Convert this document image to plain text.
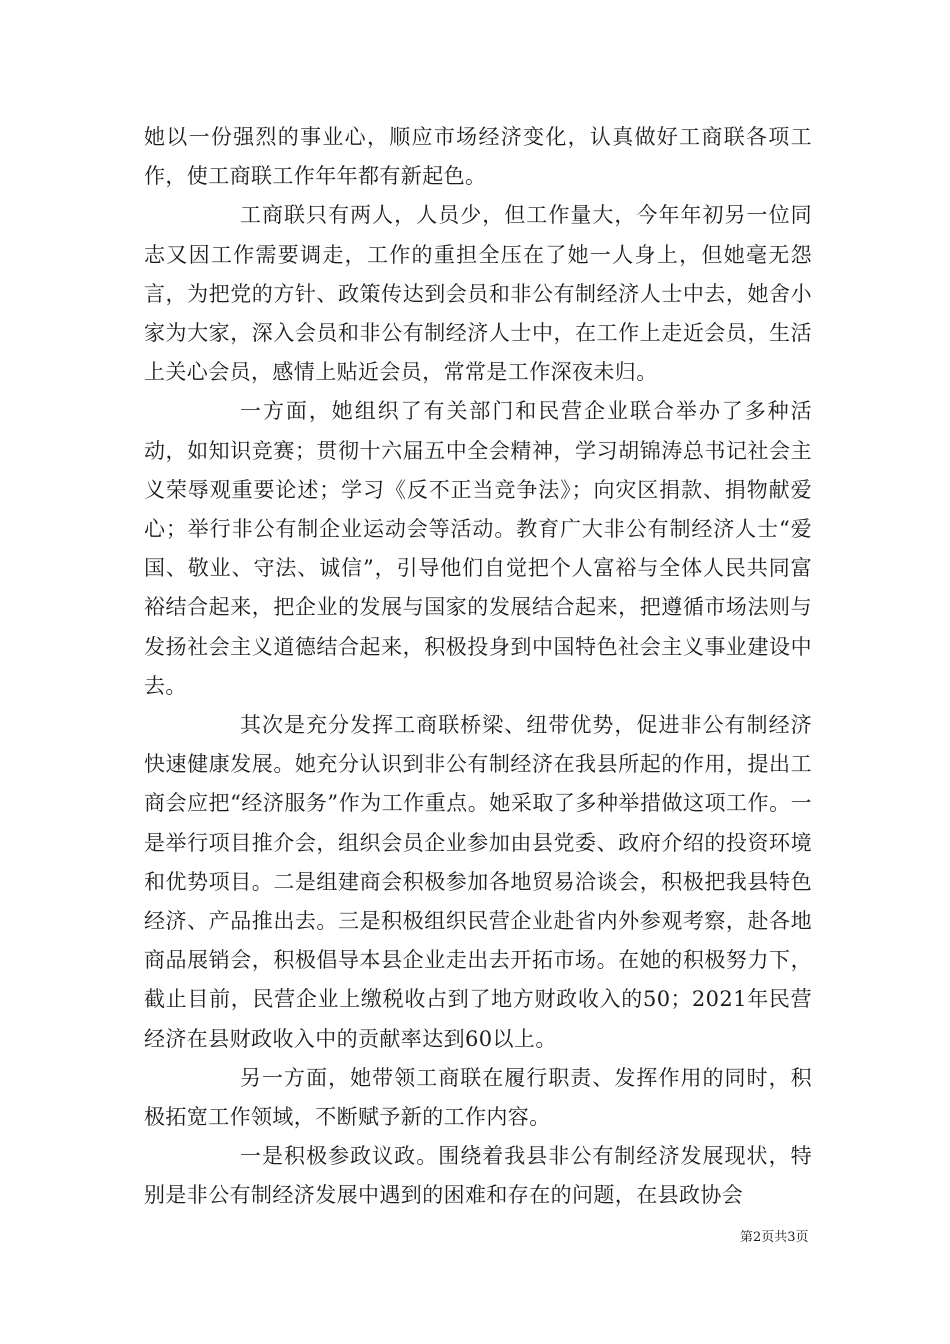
她以一份强烈的事业心，顺应市场经济变化，认真做好工商联各项工作，使工商联工作年年都有新起色。

工商联只有两人，人员少，但工作量大，今年年初另一位同志又因工作需要调走，工作的重担全压在了她一人身上，但她毫无怨言，为把党的方针、政策传达到会员和非公有制经济人士中去，她舍小家为大家，深入会员和非公有制经济人士中，在工作上走近会员，生活上关心会员，感情上贴近会员，常常是工作深夜未归。

一方面，她组织了有关部门和民营企业联合举办了多种活动，如知识竞赛；贯彻十六届五中全会精神，学习胡锦涛总书记社会主义荣辱观重要论述；学习《反不正当竞争法》；向灾区捐款、捐物献爱心；举行非公有制企业运动会等活动。教育广大非公有制经济人士“爱国、敬业、守法、诚信”，引导他们自觉把个人富裕与全体人民共同富裕结合起来，把企业的发展与国家的发展结合起来，把遵循市场法则与发扬社会主义道德结合起来，积极投身到中国特色社会主义事业建设中去。

其次是充分发挥工商联桥梁、纽带优势，促进非公有制经济快速健康发展。她充分认识到非公有制经济在我县所起的作用，提出工商会应把“经济服务”作为工作重点。她采取了多种举措做这项工作。一是举行项目推介会，组织会员企业参加由县党委、政府介绍的投资环境和优势项目。二是组建商会积极参加各地贸易洽谈会，积极把我县特色经济、产品推出去。三是积极组织民营企业赴省内外参观考察，赴各地商品展销会，积极倡导本县企业走出去开拓市场。在她的积极努力下，截止目前，民营企业上缴税收占到了地方财政收入的50；2021年民营经济在县财政收入中的贡献率达到60以上。

另一方面，她带领工商联在履行职责、发挥作用的同时，积极拓宽工作领域，不断赋予新的工作内容。

一是积极参政议政。围绕着我县非公有制经济发展现状，特别是非公有制经济发展中遇到的困难和存在的问题，在县政协会

第2页共3页
